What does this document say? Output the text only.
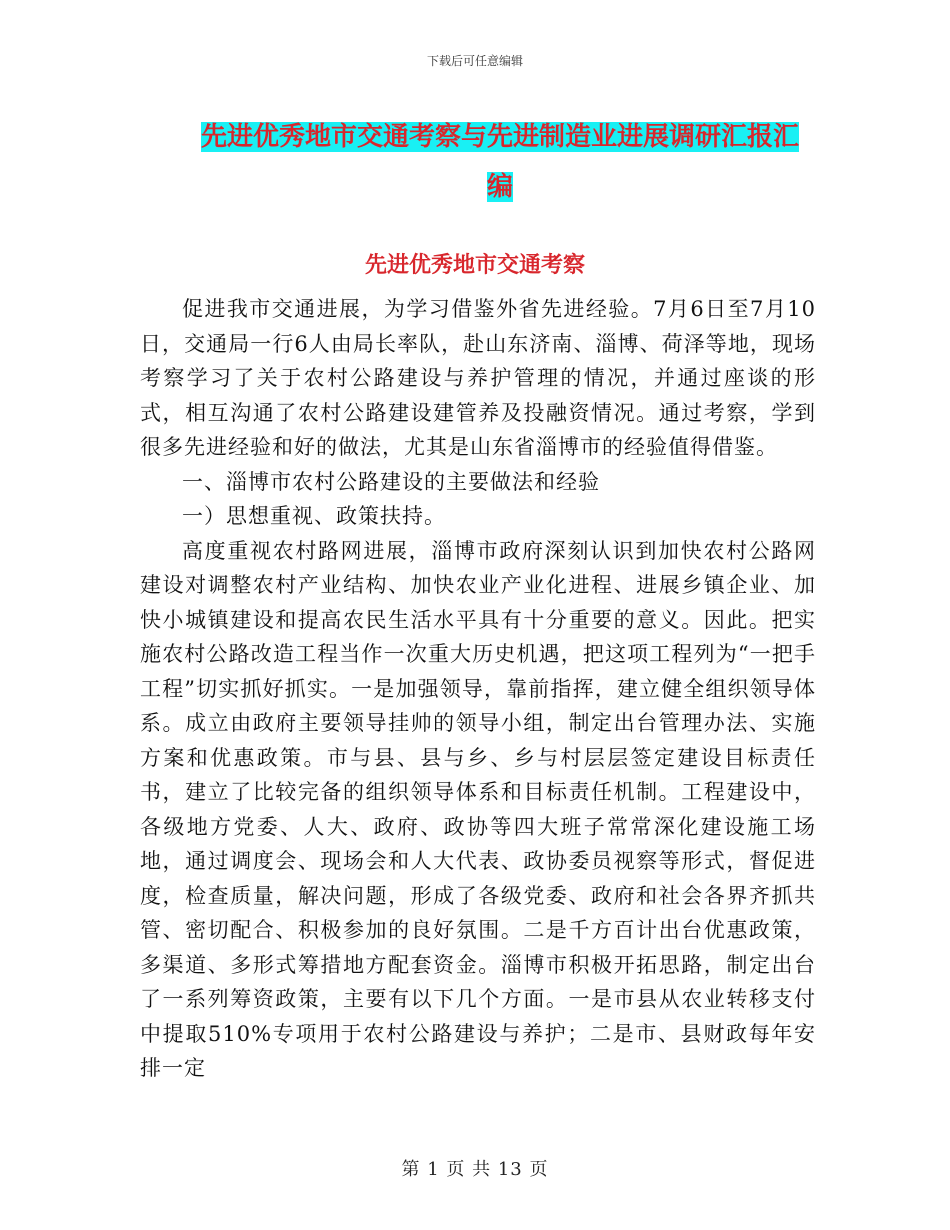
下载后可任意编辑
先进优秀地市交通考察与先进制造业进展调研汇报汇编
先进优秀地市交通考察

促进我市交通进展，为学习借鉴外省先进经验。7月6日至7月10日，交通局一行6人由局长率队，赴山东济南、淄博、荷泽等地，现场考察学习了关于农村公路建设与养护管理的情况，并通过座谈的形式，相互沟通了农村公路建设建管养及投融资情况。通过考察，学到很多先进经验和好的做法，尤其是山东省淄博市的经验值得借鉴。

一、淄博市农村公路建设的主要做法和经验

一）思想重视、政策扶持。

高度重视农村路网进展，淄博市政府深刻认识到加快农村公路网建设对调整农村产业结构、加快农业产业化进程、进展乡镇企业、加快小城镇建设和提高农民生活水平具有十分重要的意义。因此。把实施农村公路改造工程当作一次重大历史机遇，把这项工程列为“一把手工程”切实抓好抓实。一是加强领导，靠前指挥，建立健全组织领导体系。成立由政府主要领导挂帅的领导小组，制定出台管理办法、实施方案和优惠政策。市与县、县与乡、乡与村层层签定建设目标责任书，建立了比较完备的组织领导体系和目标责任机制。工程建设中，各级地方党委、人大、政府、政协等四大班子常常深化建设施工场地，通过调度会、现场会和人大代表、政协委员视察等形式，督促进度，检查质量，解决问题，形成了各级党委、政府和社会各界齐抓共管、密切配合、积极参加的良好氛围。二是千方百计出台优惠政策，多渠道、多形式筹措地方配套资金。淄博市积极开拓思路，制定出台了一系列筹资政策，主要有以下几个方面。一是市县从农业转移支付中提取510%专项用于农村公路建设与养护；二是市、县财政每年安排一定

第 1 页 共 13 页
